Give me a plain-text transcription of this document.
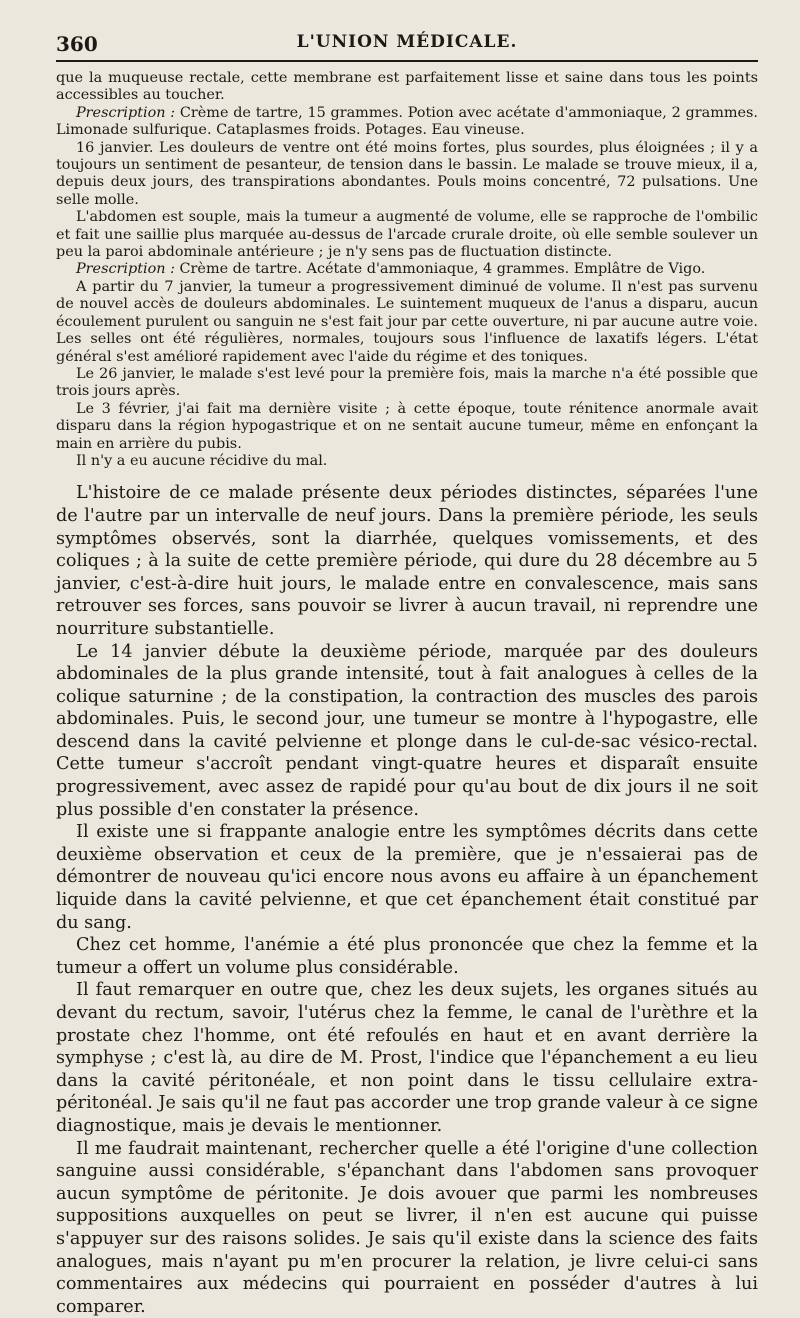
360	L'UNION MÉDICALE.

que la muqueuse rectale, cette membrane est parfaitement lisse et saine dans tous les points accessibles au toucher.

Prescription : Crème de tartre, 15 grammes. Potion avec acétate d'ammoniaque, 2 grammes. Limonade sulfurique. Cataplasmes froids. Potages. Eau vineuse.

16 janvier. Les douleurs de ventre ont été moins fortes, plus sourdes, plus éloignées ; il y a toujours un sentiment de pesanteur, de tension dans le bassin. Le malade se trouve mieux, il a, depuis deux jours, des transpirations abondantes. Pouls moins concentré, 72 pulsations. Une selle molle.

L'abdomen est souple, mais la tumeur a augmenté de volume, elle se rapproche de l'ombilic et fait une saillie plus marquée au-dessus de l'arcade crurale droite, où elle semble soulever un peu la paroi abdominale antérieure ; je n'y sens pas de fluctuation distincte.

Prescription : Crème de tartre. Acétate d'ammoniaque, 4 grammes. Emplâtre de Vigo.

A partir du 7 janvier, la tumeur a progressivement diminué de volume. Il n'est pas survenu de nouvel accès de douleurs abdominales. Le suintement muqueux de l'anus a disparu, aucun écoulement purulent ou sanguin ne s'est fait jour par cette ouverture, ni par aucune autre voie. Les selles ont été régulières, normales, toujours sous l'influence de laxatifs légers. L'état général s'est amélioré rapidement avec l'aide du régime et des toniques.

Le 26 janvier, le malade s'est levé pour la première fois, mais la marche n'a été possible que trois jours après.

Le 3 février, j'ai fait ma dernière visite ; à cette époque, toute rénitence anormale avait disparu dans la région hypogastrique et on ne sentait aucune tumeur, même en enfonçant la main en arrière du pubis.

Il n'y a eu aucune récidive du mal.

L'histoire de ce malade présente deux périodes distinctes, séparées l'une de l'autre par un intervalle de neuf jours. Dans la première période, les seuls symptômes observés, sont la diarrhée, quelques vomissements, et des coliques ; à la suite de cette première période, qui dure du 28 décembre au 5 janvier, c'est-à-dire huit jours, le malade entre en convalescence, mais sans retrouver ses forces, sans pouvoir se livrer à aucun travail, ni reprendre une nourriture substantielle.

Le 14 janvier débute la deuxième période, marquée par des douleurs abdominales de la plus grande intensité, tout à fait analogues à celles de la colique saturnine ; de la constipation, la contraction des muscles des parois abdominales. Puis, le second jour, une tumeur se montre à l'hypogastre, elle descend dans la cavité pelvienne et plonge dans le cul-de-sac vésico-rectal. Cette tumeur s'accroît pendant vingt-quatre heures et disparaît ensuite progressivement, avec assez de rapidé pour qu'au bout de dix jours il ne soit plus possible d'en constater la présence.

Il existe une si frappante analogie entre les symptômes décrits dans cette deuxième observation et ceux de la première, que je n'essaierai pas de démontrer de nouveau qu'ici encore nous avons eu affaire à un épanchement liquide dans la cavité pelvienne, et que cet épanchement était constitué par du sang.

Chez cet homme, l'anémie a été plus prononcée que chez la femme et la tumeur a offert un volume plus considérable.

Il faut remarquer en outre que, chez les deux sujets, les organes situés au devant du rectum, savoir, l'utérus chez la femme, le canal de l'urèthre et la prostate chez l'homme, ont été refoulés en haut et en avant derrière la symphyse ; c'est là, au dire de M. Prost, l'indice que l'épanchement a eu lieu dans la cavité péritonéale, et non point dans le tissu cellulaire extra-péritonéal. Je sais qu'il ne faut pas accorder une trop grande valeur à ce signe diagnostique, mais je devais le mentionner.

Il me faudrait maintenant, rechercher quelle a été l'origine d'une collection sanguine aussi considérable, s'épanchant dans l'abdomen sans provoquer aucun symptôme de péritonite. Je dois avouer que parmi les nombreuses suppositions auxquelles on peut se livrer, il n'en est aucune qui puisse s'appuyer sur des raisons solides. Je sais qu'il existe dans la science des faits analogues, mais n'ayant pu m'en procurer la relation, je livre celui-ci sans commentaires aux médecins qui pourraient en posséder d'autres à lui comparer.
